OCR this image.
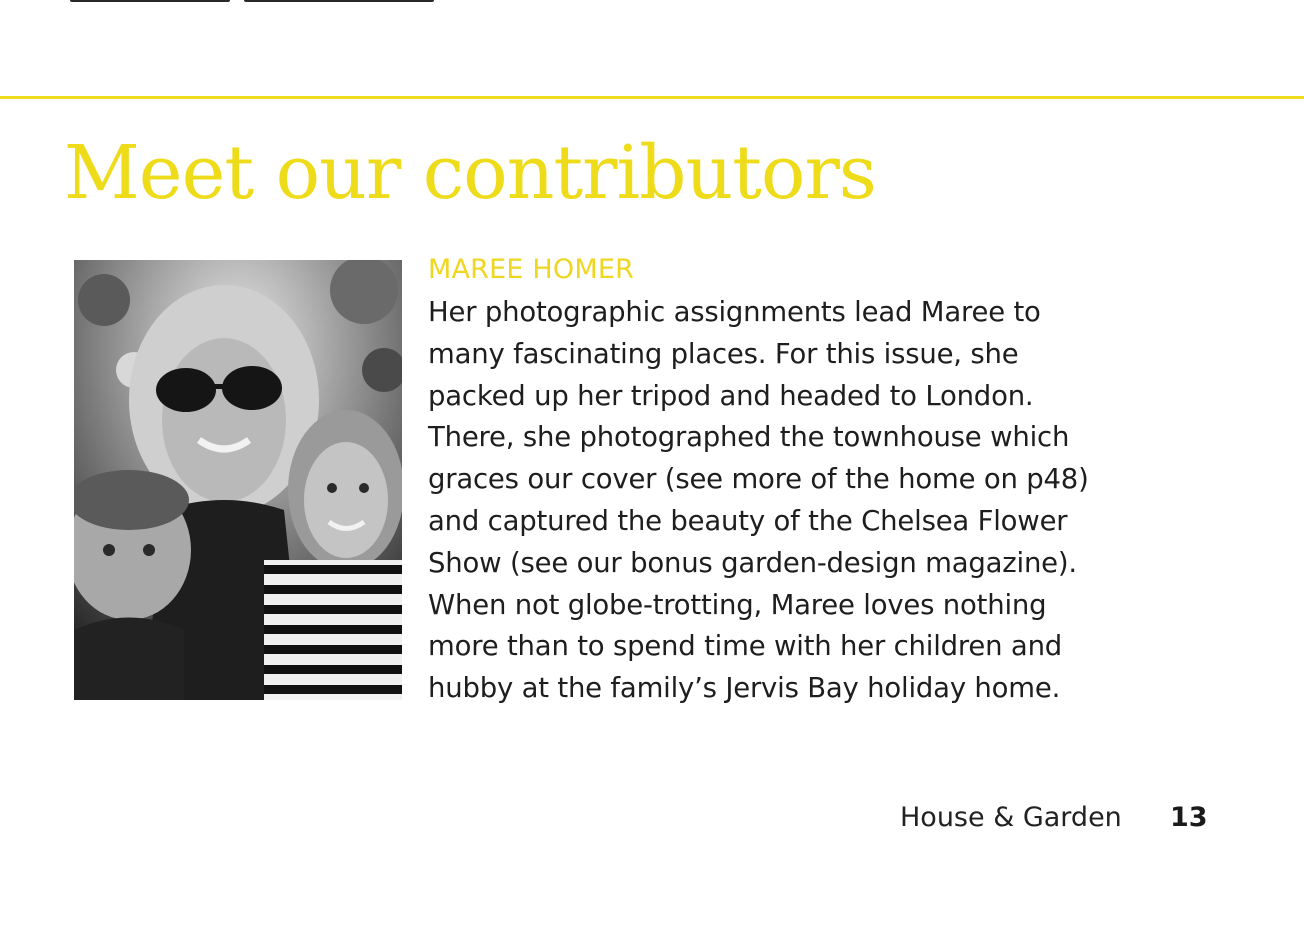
Meet our contributors
MAREE HOMER

Her photographic assignments lead Maree to
many fascinating places. For this issue, she
packed up her tripod and headed to London.
There, she photographed the townhouse which
graces our cover (see more of the home on p48)
and captured the beauty of the Chelsea Flower
Show (see our bonus garden-design magazine).
When not globe-trotting, Maree loves nothing
more than to spend time with her children and
hubby at the family’s Jervis Bay holiday home.

House & Garden 13
